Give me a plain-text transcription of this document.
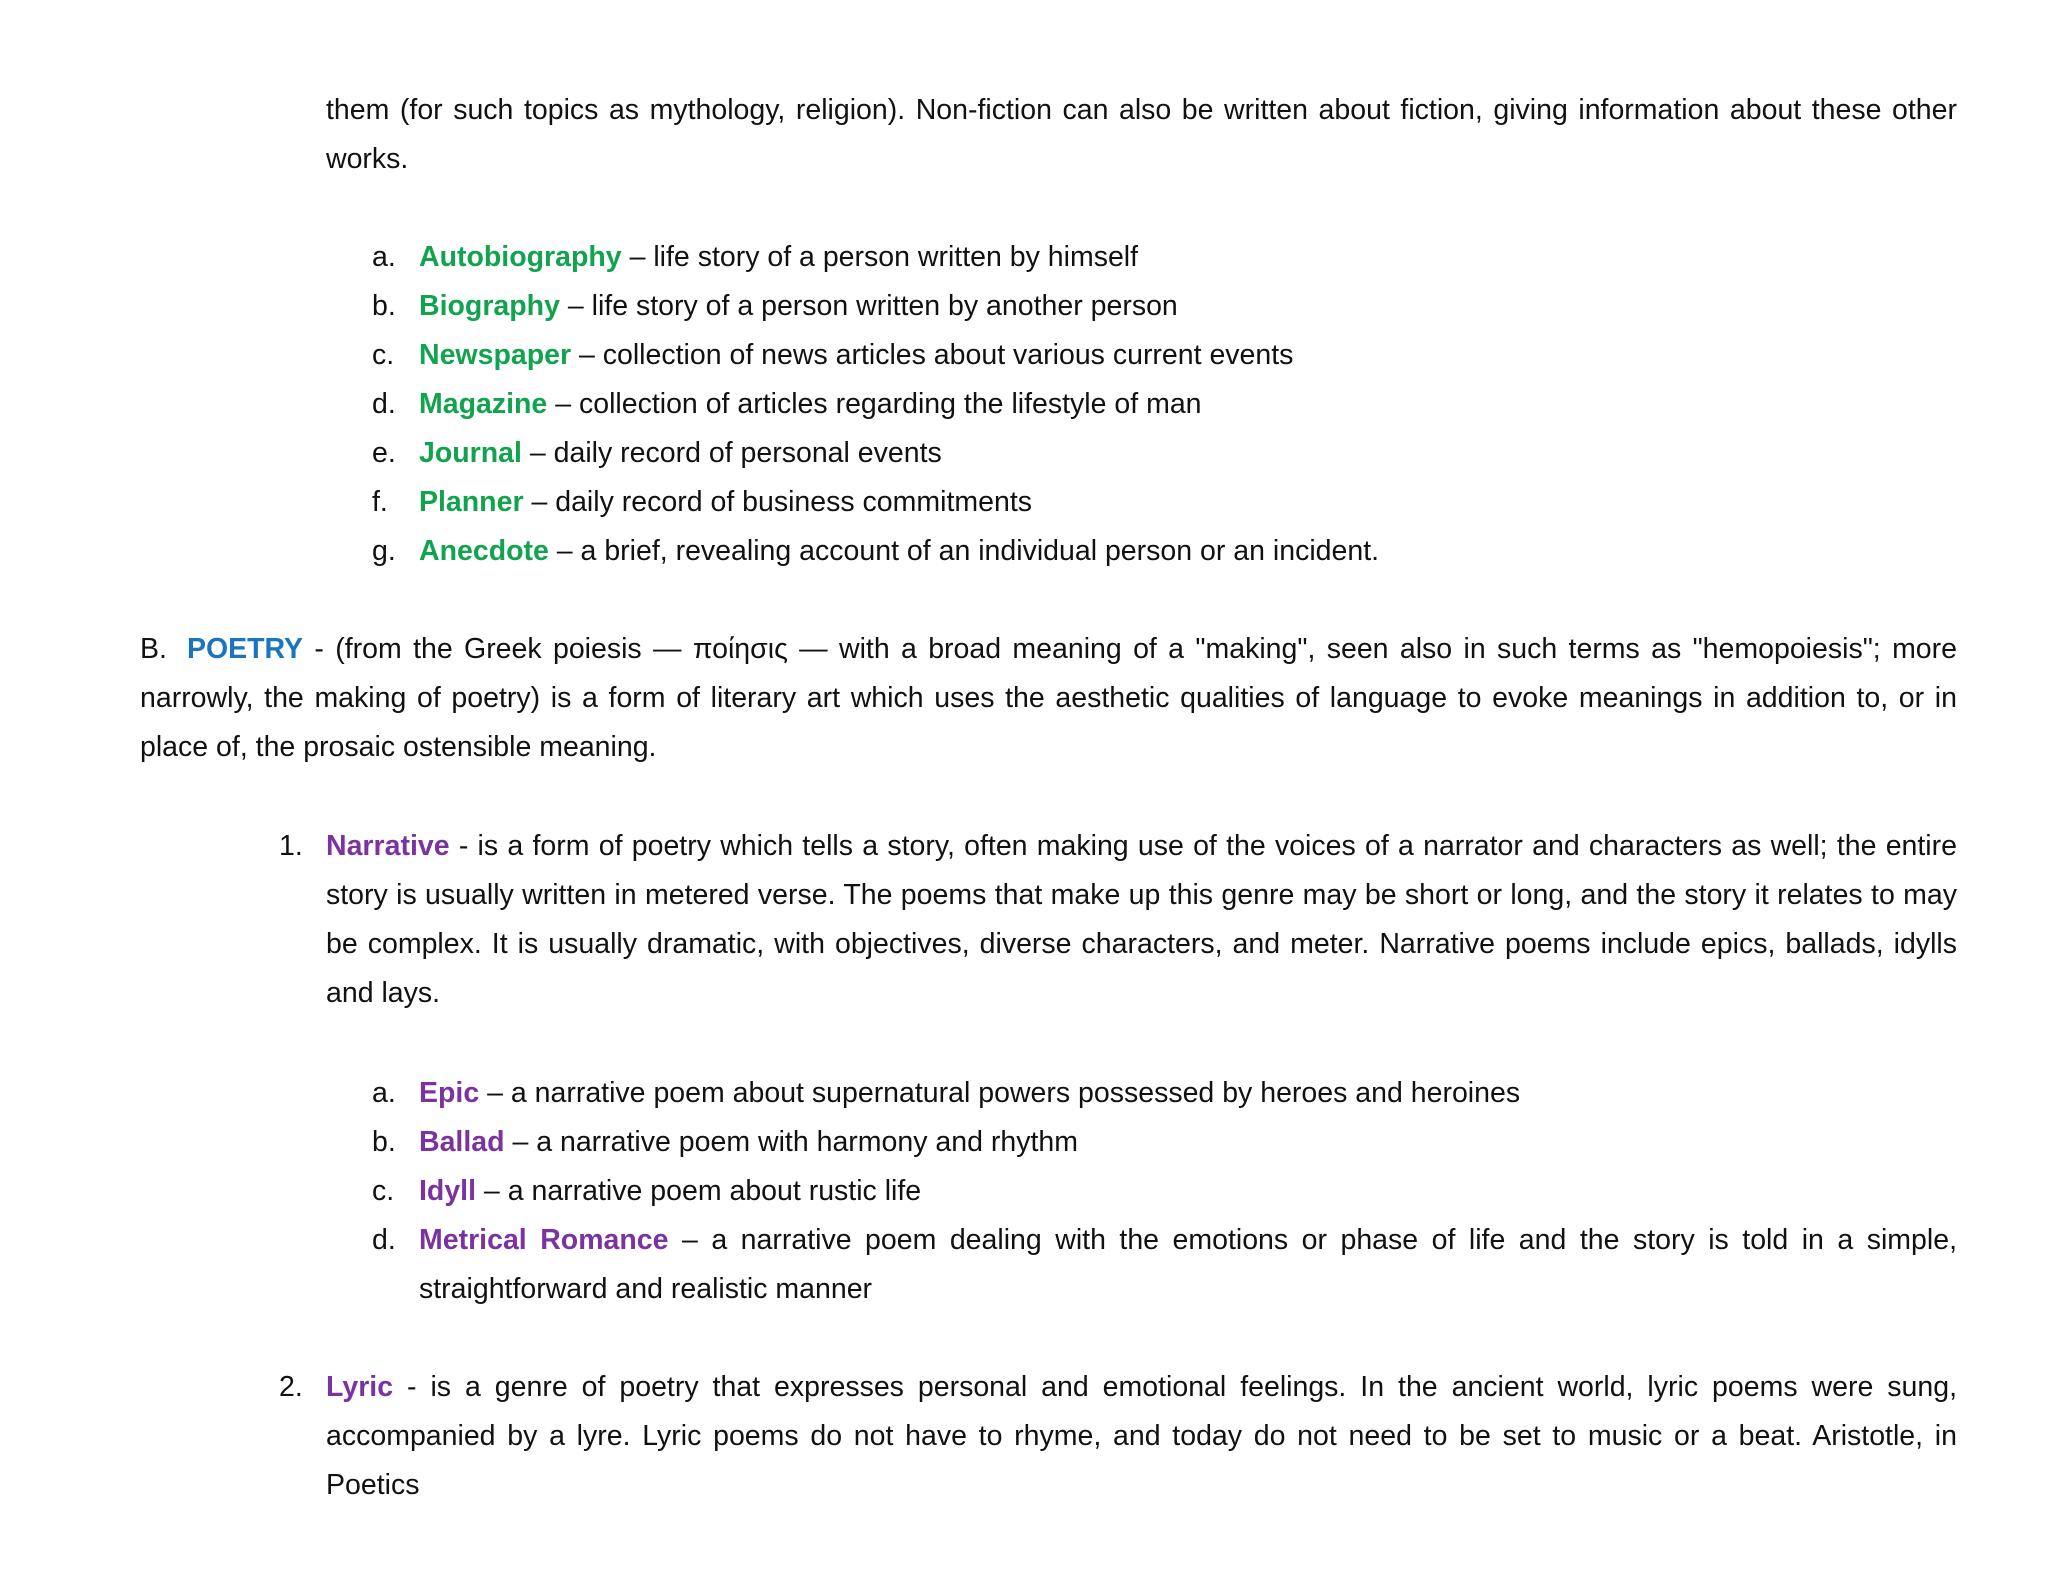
them (for such topics as mythology, religion). Non-fiction can also be written about fiction, giving information about these other works.

a. Autobiography – life story of a person written by himself
b. Biography – life story of a person written by another person
c. Newspaper – collection of news articles about various current events
d. Magazine – collection of articles regarding the lifestyle of man
e. Journal – daily record of personal events
f. Planner – daily record of business commitments
g. Anecdote – a brief, revealing account of an individual person or an incident.

B. POETRY - (from the Greek poiesis — ποίησις — with a broad meaning of a "making", seen also in such terms as "hemopoiesis"; more narrowly, the making of poetry) is a form of literary art which uses the aesthetic qualities of language to evoke meanings in addition to, or in place of, the prosaic ostensible meaning.

1. Narrative - is a form of poetry which tells a story, often making use of the voices of a narrator and characters as well; the entire story is usually written in metered verse. The poems that make up this genre may be short or long, and the story it relates to may be complex. It is usually dramatic, with objectives, diverse characters, and meter. Narrative poems include epics, ballads, idylls and lays.

a. Epic – a narrative poem about supernatural powers possessed by heroes and heroines
b. Ballad – a narrative poem with harmony and rhythm
c. Idyll – a narrative poem about rustic life
d. Metrical Romance – a narrative poem dealing with the emotions or phase of life and the story is told in a simple, straightforward and realistic manner

2. Lyric - is a genre of poetry that expresses personal and emotional feelings. In the ancient world, lyric poems were sung, accompanied by a lyre. Lyric poems do not have to rhyme, and today do not need to be set to music or a beat. Aristotle, in Poetics
